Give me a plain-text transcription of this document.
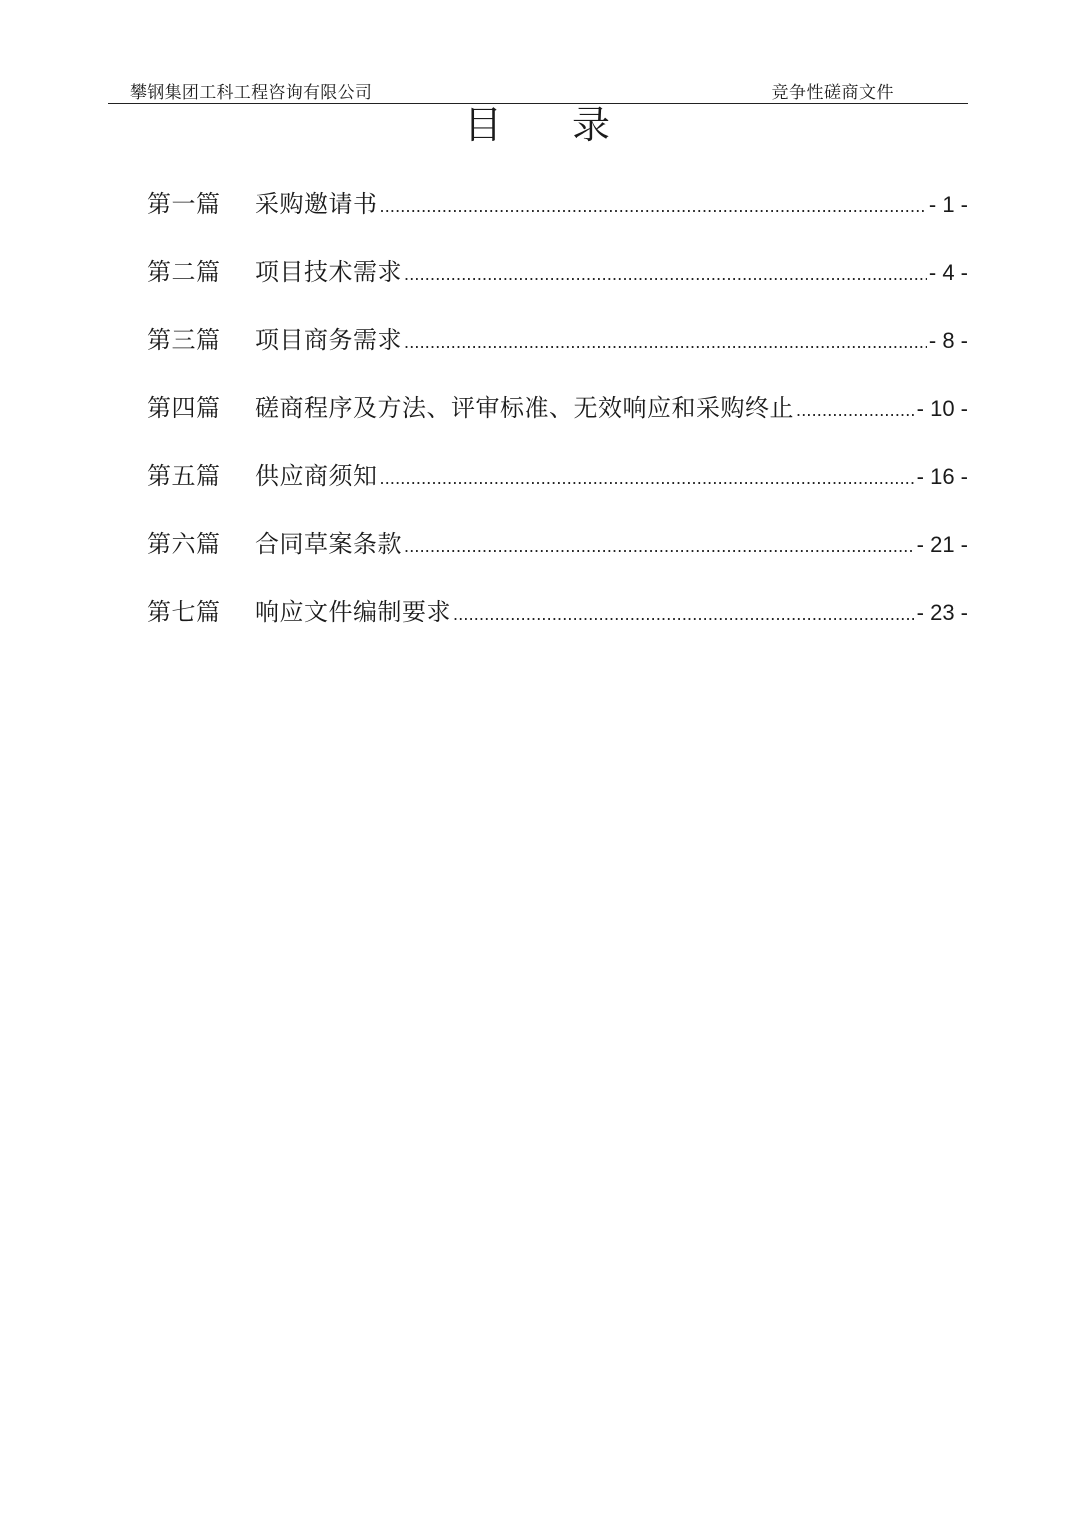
攀钢集团工科工程咨询有限公司	竞争性磋商文件
目录
第一篇	采购邀请书 .....	- 1 -
第二篇	项目技术需求 .....	- 4 -
第三篇	项目商务需求 .....	- 8 -
第四篇	磋商程序及方法、评审标准、无效响应和采购终止 .....	- 10 -
第五篇	供应商须知 .....	- 16 -
第六篇	合同草案条款 .....	- 21 -
第七篇	响应文件编制要求 .....	- 23 -
